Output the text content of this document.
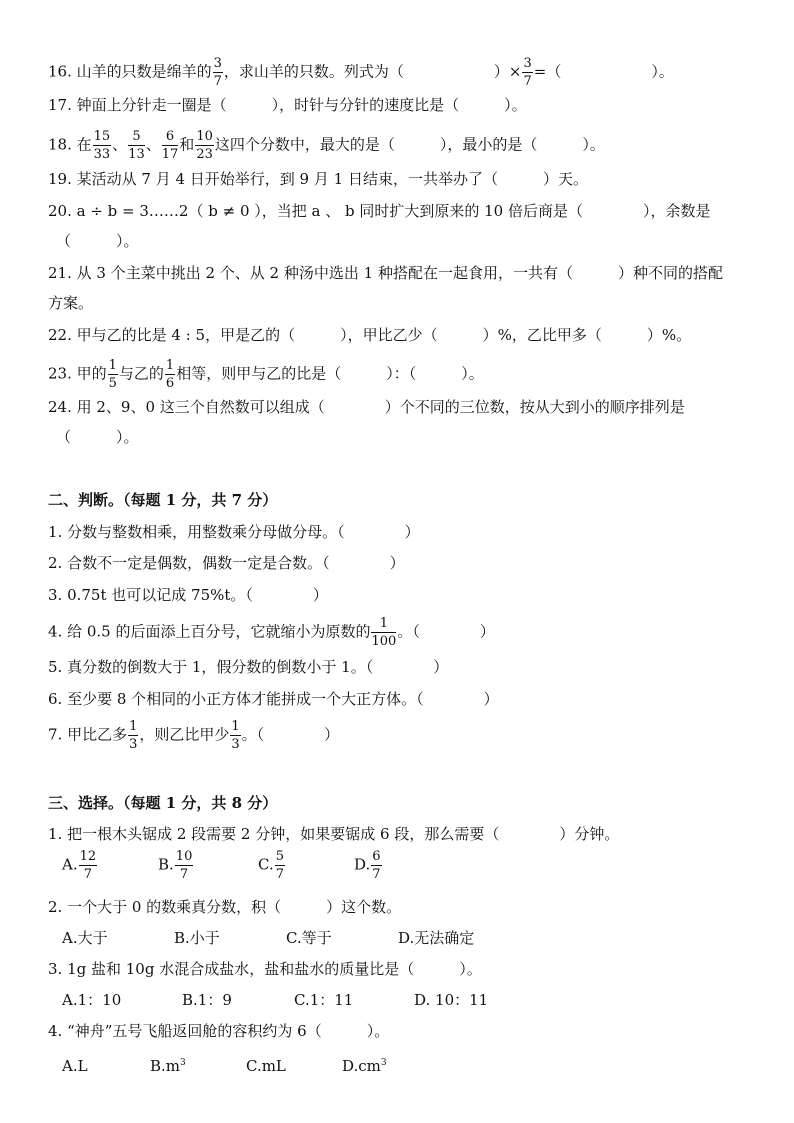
16. 山羊的只数是绵羊的 $\frac{3}{7}$ ，求山羊的只数。列式为（　　　　　　）× $\frac{3}{7}$ =（　　　　　　）。
17. 钟面上分针走一圈是（　　　），时针与分针的速度比是（　　　）。
18. 在 $\frac{15}{33}$ 、 $\frac{5}{13}$ 、 $\frac{6}{17}$ 和 $\frac{10}{23}$ 这四个分数中，最大的是（　　　），最小的是（　　　）。
19. 某活动从 7 月 4 日开始举行，到 9 月 1 日结束，一共举办了（　　　）天。
20. a ÷ b = 3……2（ b ≠ 0 ），当把 a 、 b 同时扩大到原来的 10 倍后商是（　　　　），余数是
（　　　）。
21. 从 3 个主菜中挑出 2 个、从 2 种汤中选出 1 种搭配在一起食用，一共有（　　　）种不同的搭配
方案。
22. 甲与乙的比是 4 : 5，甲是乙的（　　　），甲比乙少（　　　）%，乙比甲多（　　　）%。
23. 甲的 $\frac{1}{5}$ 与乙的 $\frac{1}{6}$ 相等，则甲与乙的比是（　　　）：（　　　）。
24. 用 2、9、0 这三个自然数可以组成（　　　　）个不同的三位数，按从大到小的顺序排列是
（　　　）。
二、判断。（每题 1 分，共 7 分）
1. 分数与整数相乘，用整数乘分母做分母。（　　　　）
2. 合数不一定是偶数，偶数一定是合数。（　　　　）
3. 0.75t 也可以记成 75%t。（　　　　）
4. 给 0.5 的后面添上百分号，它就缩小为原数的 $\frac{1}{100}$ 。（　　　　）
5. 真分数的倒数大于 1，假分数的倒数小于 1。（　　　　）
6. 至少要 8 个相同的小正方体才能拼成一个大正方体。（　　　　）
7. 甲比乙多 $\frac{1}{3}$ ，则乙比甲少 $\frac{1}{3}$ 。（　　　　）
三、选择。（每题 1 分，共 8 分）
1. 把一根木头锯成 2 段需要 2 分钟，如果要锯成 6 段，那么需要（　　　　）分钟。
A. $\frac{12}{7}$	B. $\frac{10}{7}$	C. $\frac{5}{7}$	D. $\frac{6}{7}$
2. 一个大于 0 的数乘真分数，积（　　　）这个数。
A.大于	B.小于	C.等于	D.无法确定
3. 1g 盐和 10g 水混合成盐水，盐和盐水的质量比是（　　　）。
A.1：10	B.1：9	C.1：11	D. 10：11
4. “神舟”五号飞船返回舱的容积约为 6（　　　）。
A.L	$B.m^3$	C.mL	$D.cm^3$
